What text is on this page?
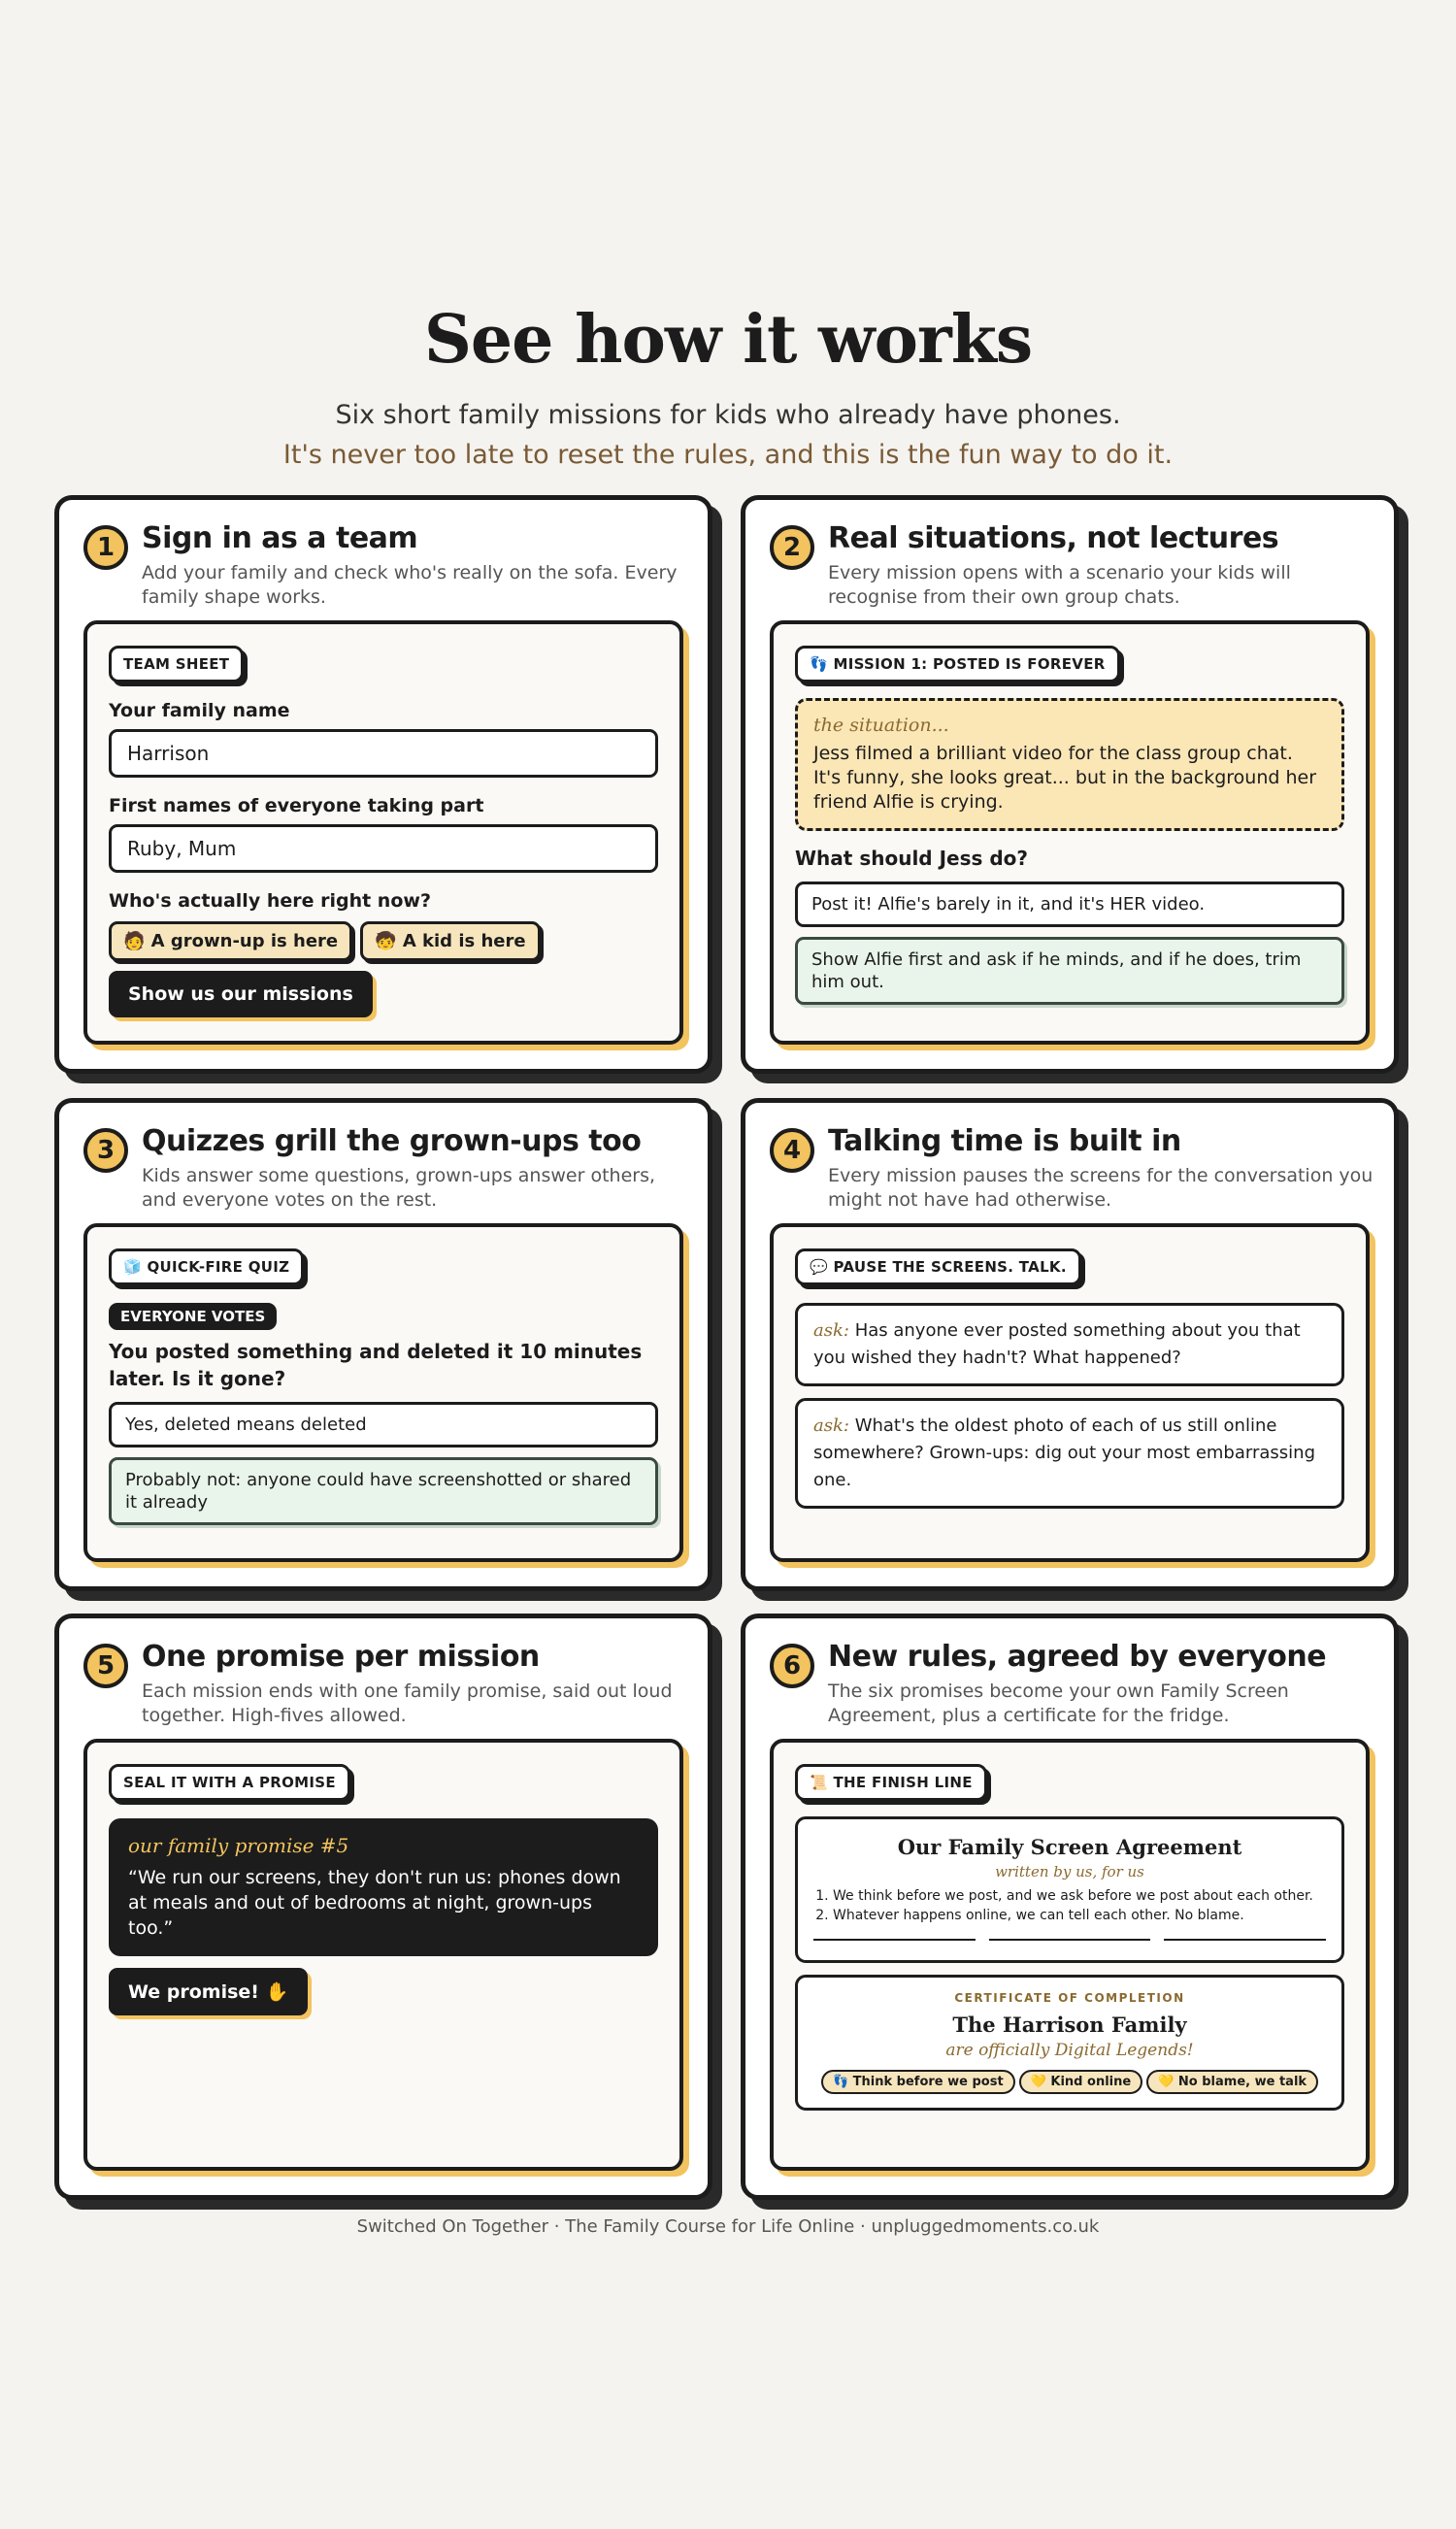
See how it works
Six short family missions for kids who already have phones.
It's never too late to reset the rules, and this is the fun way to do it.
1 Sign in as a team
Add your family and check who's really on the sofa. Every family shape works.
TEAM SHEET
Your family name
Harrison
First names of everyone taking part
Ruby, Mum
Who's actually here right now?
🧑 A grown-up is here 🧒 A kid is here
Show us our missions
2 Real situations, not lectures
Every mission opens with a scenario your kids will recognise from their own group chats.
👣 MISSION 1: POSTED IS FOREVER
the situation...
Jess filmed a brilliant video for the class group chat. It's funny, she looks great... but in the background her friend Alfie is crying.
What should Jess do?
Post it! Alfie's barely in it, and it's HER video.
Show Alfie first and ask if he minds, and if he does, trim him out.
3 Quizzes grill the grown-ups too
Kids answer some questions, grown-ups answer others, and everyone votes on the rest.
🧊 QUICK-FIRE QUIZ
EVERYONE VOTES
You posted something and deleted it 10 minutes later. Is it gone?
Yes, deleted means deleted
Probably not: anyone could have screenshotted or shared it already
4 Talking time is built in
Every mission pauses the screens for the conversation you might not have had otherwise.
💬 PAUSE THE SCREENS. TALK.
ask: Has anyone ever posted something about you that you wished they hadn't? What happened?
ask: What's the oldest photo of each of us still online somewhere? Grown-ups: dig out your most embarrassing one.
5 One promise per mission
Each mission ends with one family promise, said out loud together. High-fives allowed.
SEAL IT WITH A PROMISE
our family promise #5
“We run our screens, they don't run us: phones down at meals and out of bedrooms at night, grown-ups too.”
We promise! ✋
6 New rules, agreed by everyone
The six promises become your own Family Screen Agreement, plus a certificate for the fridge.
📜 THE FINISH LINE
Our Family Screen Agreement
written by us, for us
1. We think before we post, and we ask before we post about each other.
2. Whatever happens online, we can tell each other. No blame.
CERTIFICATE OF COMPLETION
The Harrison Family
are officially Digital Legends!
👣 Think before we post 💛 Kind online 💛 No blame, we talk
Switched On Together · The Family Course for Life Online · unpluggedmoments.co.uk
